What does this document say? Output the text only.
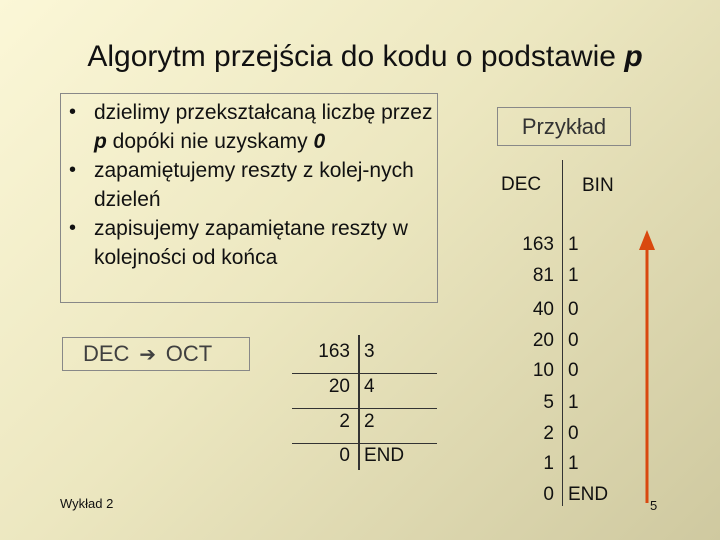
Algorytm przejścia do kodu o podstawie p
• dzielimy przekształcaną liczbę przez p dopóki nie uzyskamy 0
• zapamiętujemy reszty z kolej-nych dzieleń
• zapisujemy zapamiętane reszty w kolejności od końca
DEC ➔ OCT	163 3
20 4
2 2
0 END
Przykład
DEC BIN
163 1
81 1
40 0
20 0
10 0
5 1
2 0
1 1
0 END
Wykład 2	5
